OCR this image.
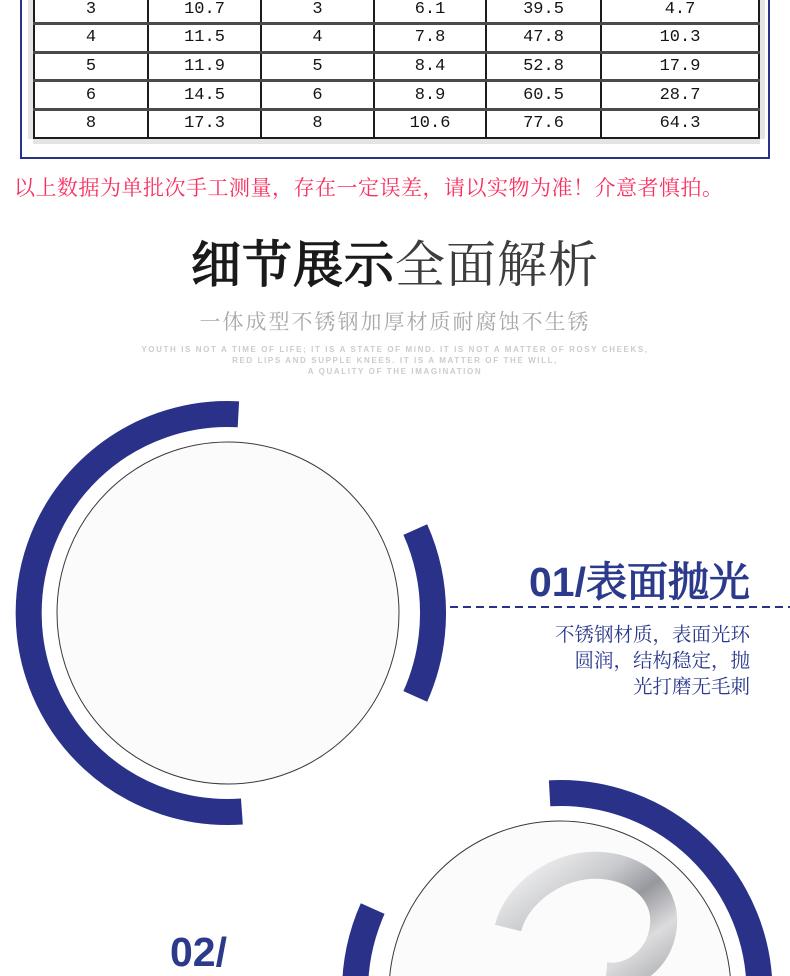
3	10.7	3	6.1	39.5	4.7
4	11.5	4	7.8	47.8	10.3
5	11.9	5	8.4	52.8	17.9
6	14.5	6	8.9	60.5	28.7
8	17.3	8	10.6	77.6	64.3
以上数据为单批次手工测量，存在一定误差，请以实物为准！介意者慎拍。
细节展示全面解析
一体成型不锈钢加厚材质耐腐蚀不生锈
YOUTH IS NOT A TIME OF LIFE; IT IS A STATE OF MIND. IT IS NOT A MATTER OF ROSY CHEEKS,
RED LIPS AND SUPPLE KNEES. IT IS A MATTER OF THE WILL,
A QUALITY OF THE IMAGINATION
01/表面抛光
不锈钢材质，表面光环
圆润，结构稳定，抛
光打磨无毛刺
02/
